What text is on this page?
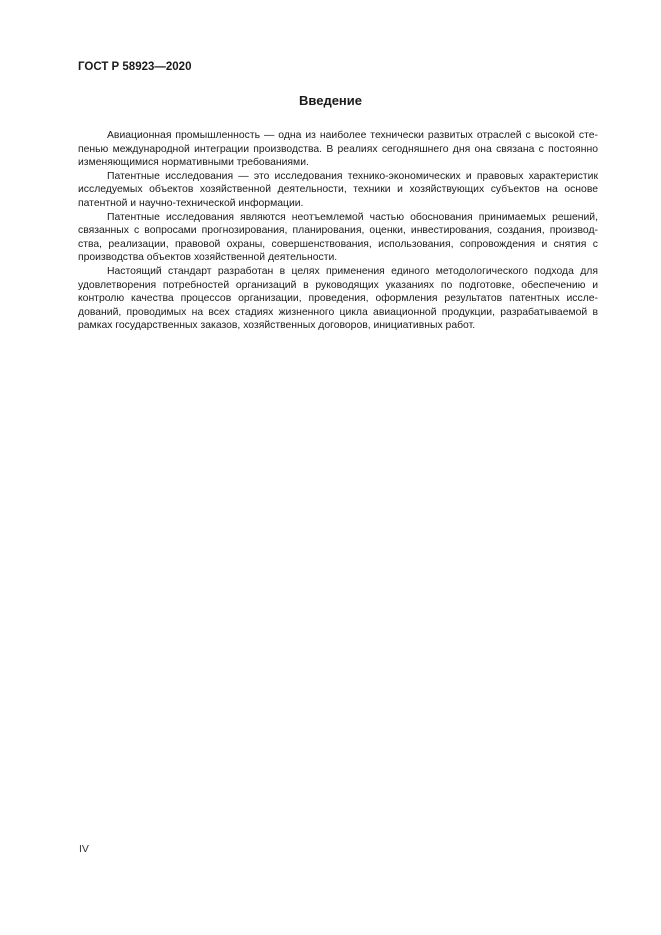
ГОСТ Р 58923—2020
Введение
Авиационная промышленность — одна из наиболее технически развитых отраслей с высокой сте-
пенью международной интеграции производства. В реалиях сегодняшнего дня она связана с постоянно
изменяющимися нормативными требованиями.
Патентные исследования — это исследования технико-экономических и правовых характеристик
исследуемых объектов хозяйственной деятельности, техники и хозяйствующих субъектов на основе
патентной и научно-технической информации.
Патентные исследования являются неотъемлемой частью обоснования принимаемых решений,
связанных с вопросами прогнозирования, планирования, оценки, инвестирования, создания, производ-
ства, реализации, правовой охраны, совершенствования, использования, сопровождения и снятия с
производства объектов хозяйственной деятельности.
Настоящий стандарт разработан в целях применения единого методологического подхода для
удовлетворения потребностей организаций в руководящих указаниях по подготовке, обеспечению и
контролю качества процессов организации, проведения, оформления результатов патентных иссле-
дований, проводимых на всех стадиях жизненного цикла авиационной продукции, разрабатываемой в
рамках государственных заказов, хозяйственных договоров, инициативных работ.
IV
